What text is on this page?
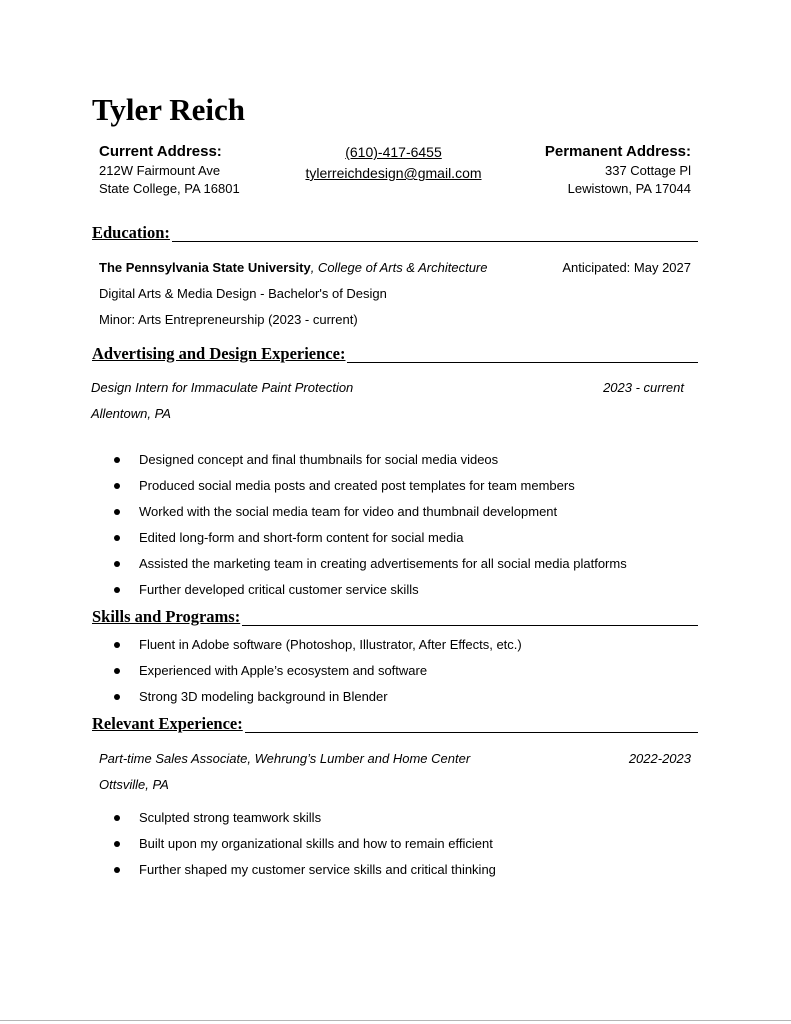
Tyler Reich
Current Address:
212W Fairmount Ave
State College, PA 16801
(610)-417-6455
tylerreichdesign@gmail.com
Permanent Address:
337 Cottage Pl
Lewistown, PA 17044
Education:
The Pennsylvania State University, College of Arts & Architecture	Anticipated: May 2027
Digital Arts & Media Design - Bachelor's of Design
Minor: Arts Entrepreneurship (2023 - current)
Advertising and Design Experience:
Design Intern for Immaculate Paint Protection	2023 - current
Allentown, PA
Designed concept and final thumbnails for social media videos
Produced social media posts and created post templates for team members
Worked with the social media team for video and thumbnail development
Edited long-form and short-form content for social media
Assisted the marketing team in creating advertisements for all social media platforms
Further developed critical customer service skills
Skills and Programs:
Fluent in Adobe software (Photoshop, Illustrator, After Effects, etc.)
Experienced with Apple’s ecosystem and software
Strong 3D modeling background in Blender
Relevant Experience:
Part-time Sales Associate, Wehrung’s Lumber and Home Center	2022-2023
Ottsville, PA
Sculpted strong teamwork skills
Built upon my organizational skills and how to remain efficient
Further shaped my customer service skills and critical thinking
